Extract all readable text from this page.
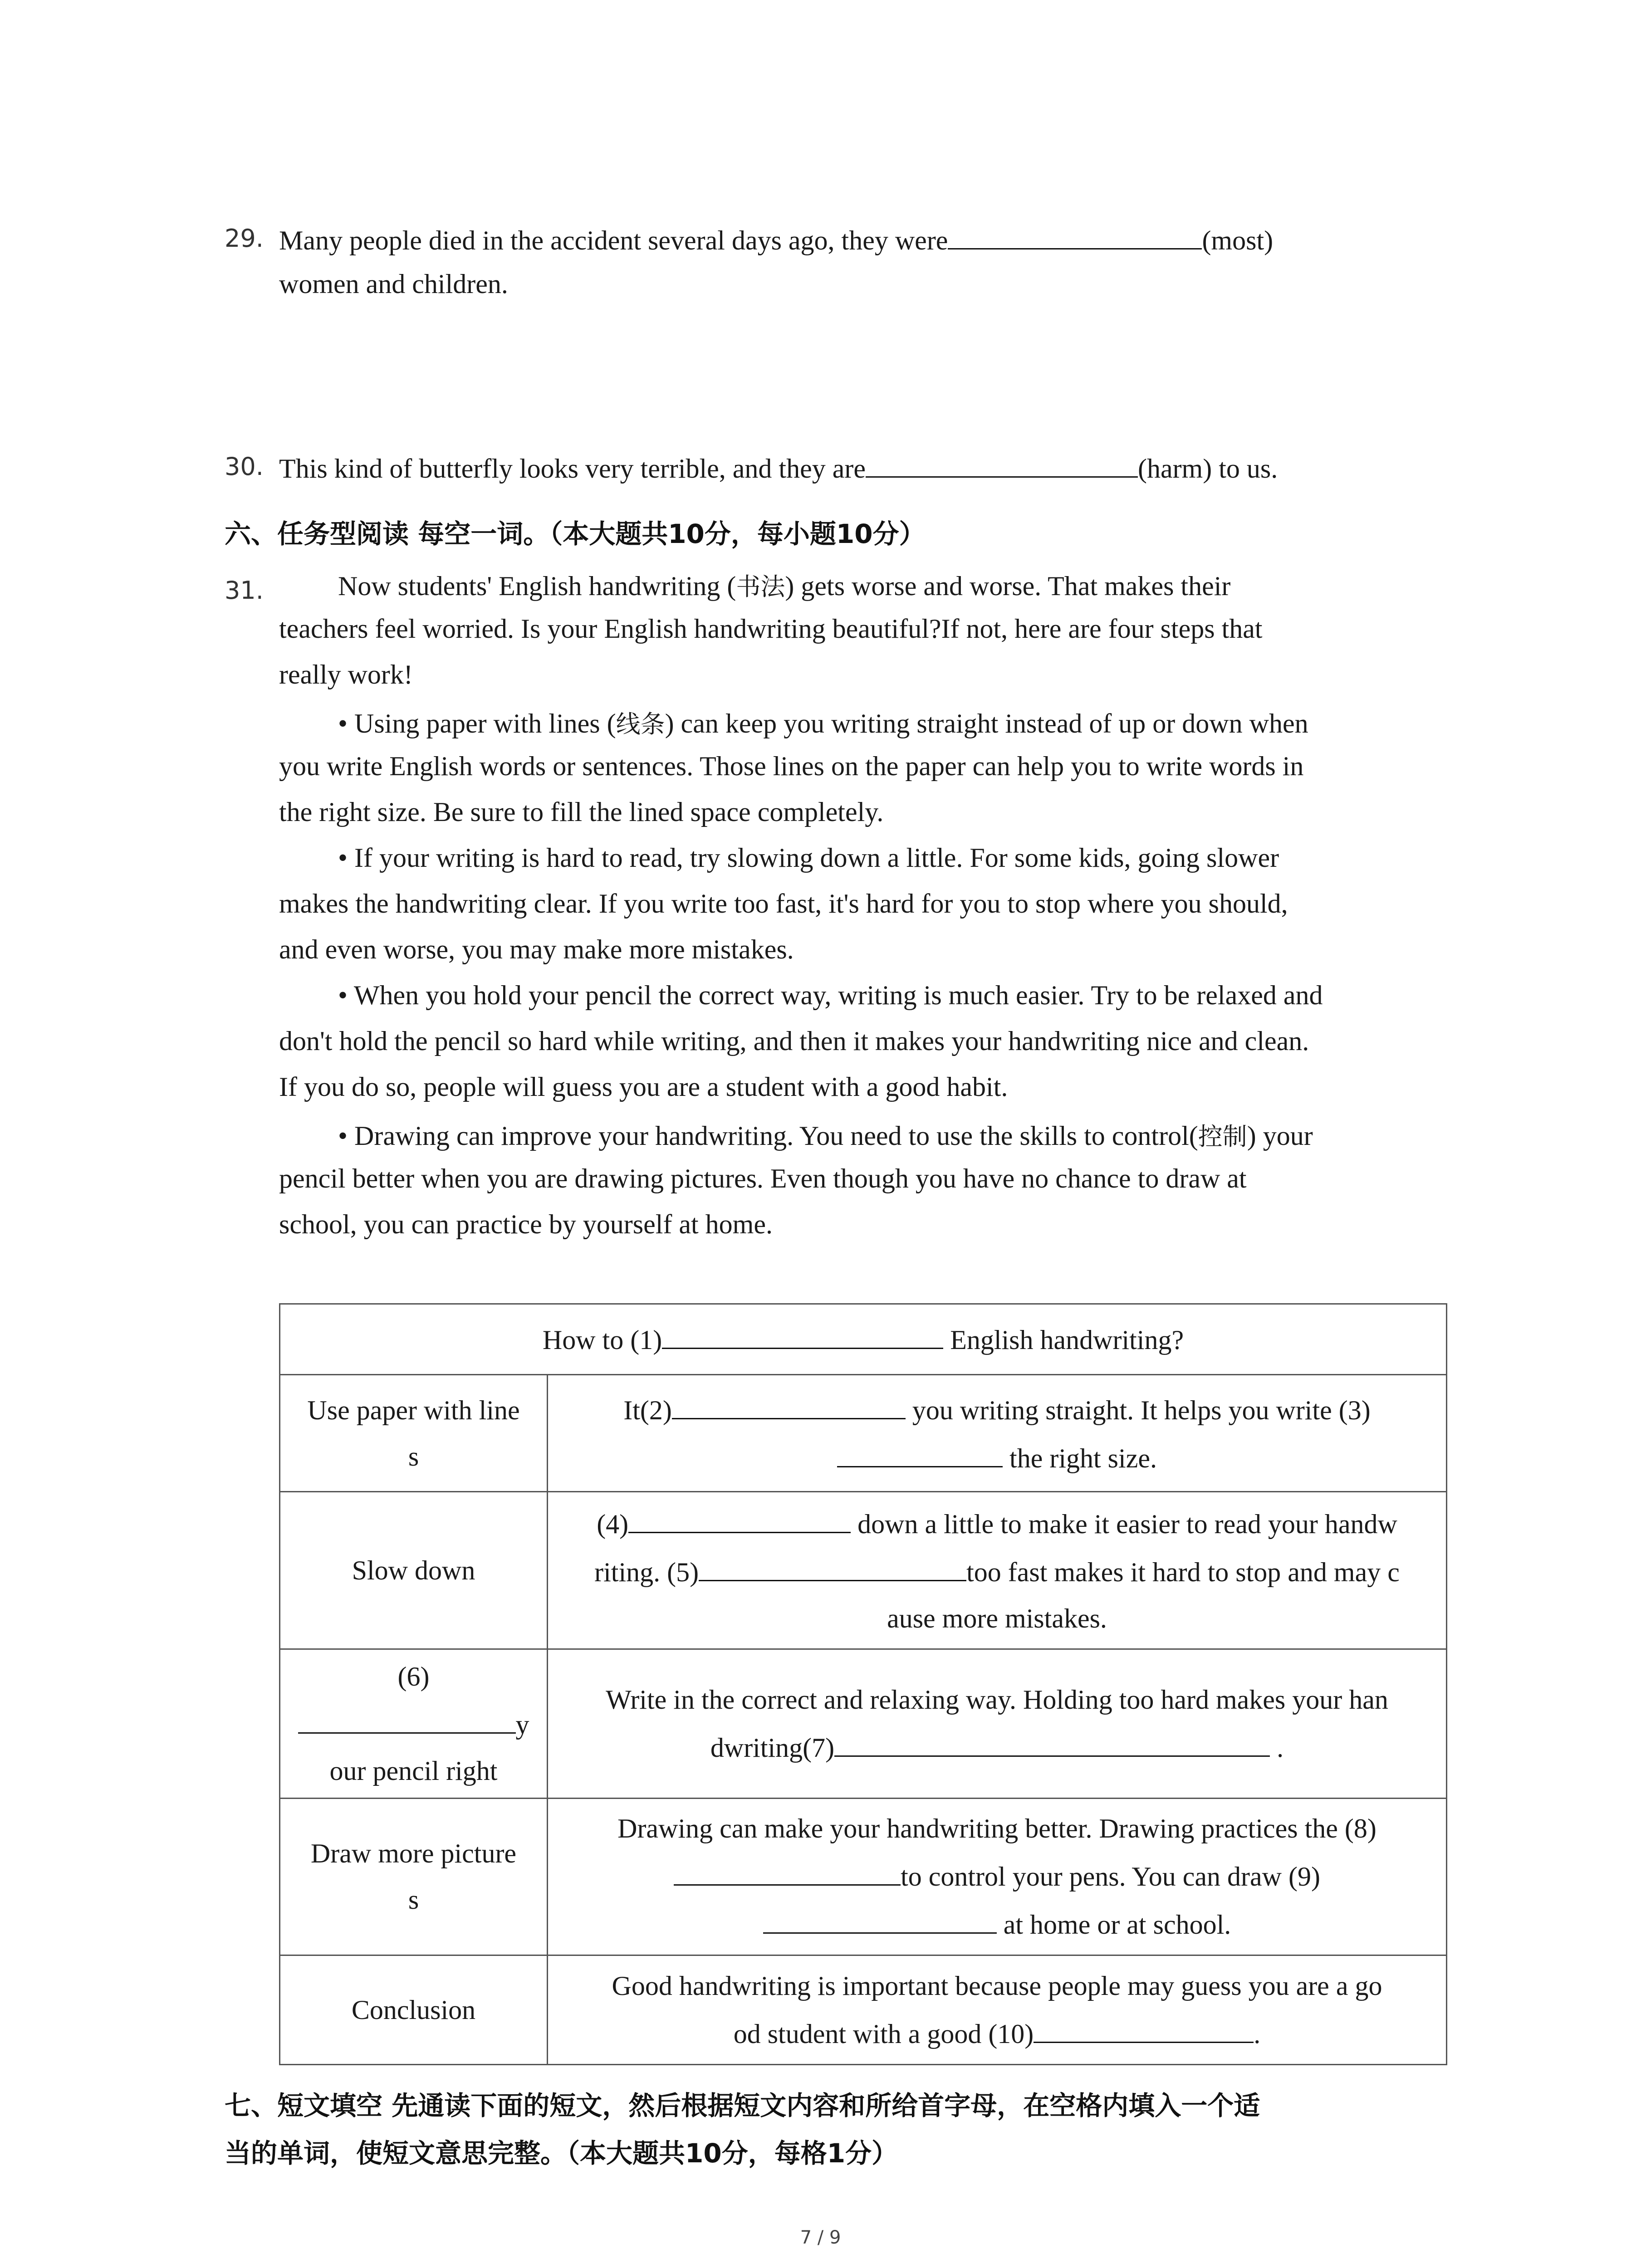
29. Many people died in the accident several days ago, they were	(most)
women and children.
30. This kind of butterfly looks very terrible, and they are	(harm) to us.
六、任务型阅读 每空一词。（本大题共10分，每小题10分）
31.	Now students' English handwriting (书法) gets worse and worse. That makes their
teachers feel worried. Is your English handwriting beautiful?If not, here are four steps that
really work!
• Using paper with lines (线条) can keep you writing straight instead of up or down when
you write English words or sentences. Those lines on the paper can help you to write words in
the right size. Be sure to fill the lined space completely.
• If your writing is hard to read, try slowing down a little. For some kids, going slower
makes the handwriting clear. If you write too fast, it's hard for you to stop where you should,
and even worse, you may make more mistakes.
• When you hold your pencil the correct way, writing is much easier. Try to be relaxed and
don't hold the pencil so hard while writing, and then it makes your handwriting nice and clean.
If you do so, people will guess you are a student with a good habit.
• Drawing can improve your handwriting. You need to use the skills to control(控制) your
pencil better when you are drawing pictures. Even though you have no chance to draw at
school, you can practice by yourself at home.
How to (1) English handwriting?	
Use paper with line
s	It(2) you writing straight. It helps you write (3)
the right size.
Slow down	(4) down a little to make it easier to read your handw
riting. (5) too fast makes it hard to stop and may c
ause more mistakes.
(6)
y
our pencil right	Write in the correct and relaxing way. Holding too hard makes your han
dwriting(7) .
Draw more picture
s	Drawing can make your handwriting better. Drawing practices the (8)
to control your pens. You can draw (9)
at home or at school.
Conclusion	Good handwriting is important because people may guess you are a go
od student with a good (10) .
七、短文填空 先通读下面的短文，然后根据短文内容和所给首字母，在空格内填入一个适
当的单词，使短文意思完整。（本大题共10分，每格1分）
7 / 9
